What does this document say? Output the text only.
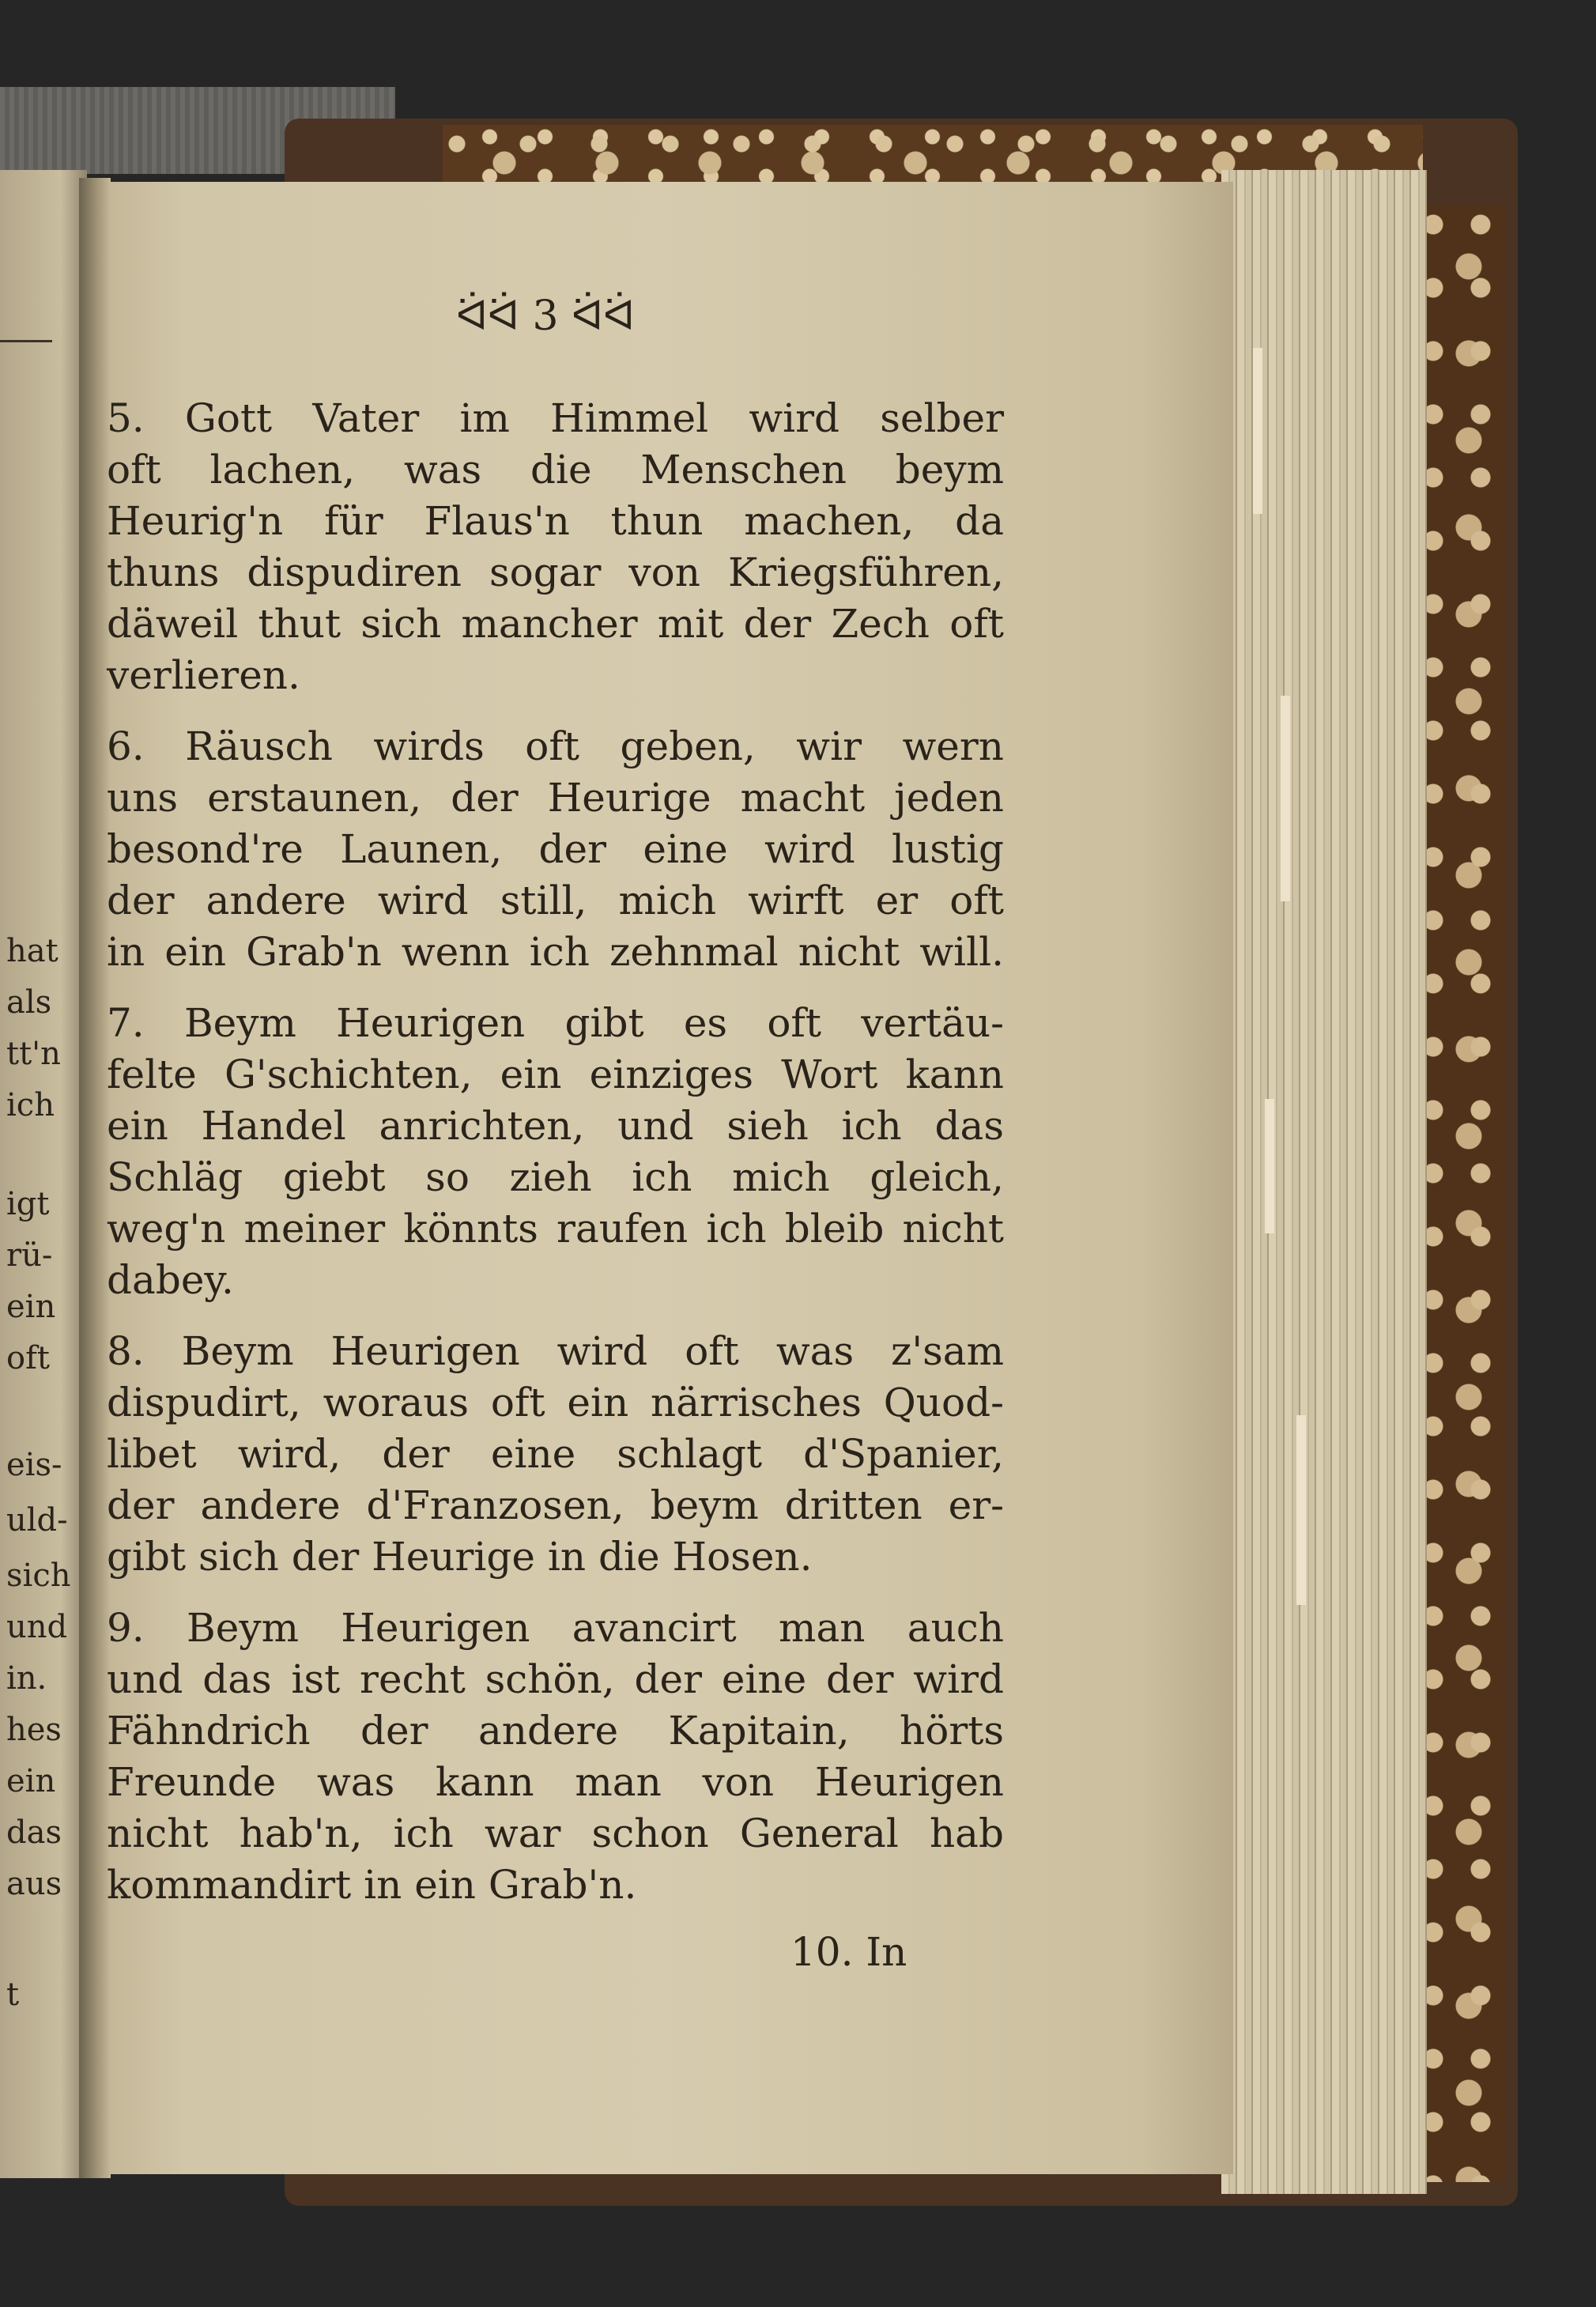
hat
als
tt'n
ich
igt
rü-
ein
oft
eis-
uld-
sich
und
in.
hes
ein
das
aus
t
ᐛᐛ 3 ᐛᐛ
5. Gott Vater im Himmel wird selber
oft lachen, was die Menschen beym
Heurig'n für Flaus'n thun machen, da
thuns dispudiren sogar von Kriegsführen,
däweil thut sich mancher mit der Zech oft
verlieren.
6. Räusch wirds oft geben, wir wern
uns erstaunen, der Heurige macht jeden
besond're Launen, der eine wird lustig
der andere wird still, mich wirft er oft
in ein Grab'n wenn ich zehnmal nicht will.
7. Beym Heurigen gibt es oft vertäu-
felte G'schichten, ein einziges Wort kann
ein Handel anrichten, und sieh ich das
Schläg giebt so zieh ich mich gleich,
weg'n meiner könnts raufen ich bleib nicht
dabey.
8. Beym Heurigen wird oft was z'sam
dispudirt, woraus oft ein närrisches Quod-
libet wird, der eine schlagt d'Spanier,
der andere d'Franzosen, beym dritten er-
gibt sich der Heurige in die Hosen.
9. Beym Heurigen avancirt man auch
und das ist recht schön, der eine der wird
Fähndrich der andere Kapitain, hörts
Freunde was kann man von Heurigen
nicht hab'n, ich war schon General hab
kommandirt in ein Grab'n.
10. In
